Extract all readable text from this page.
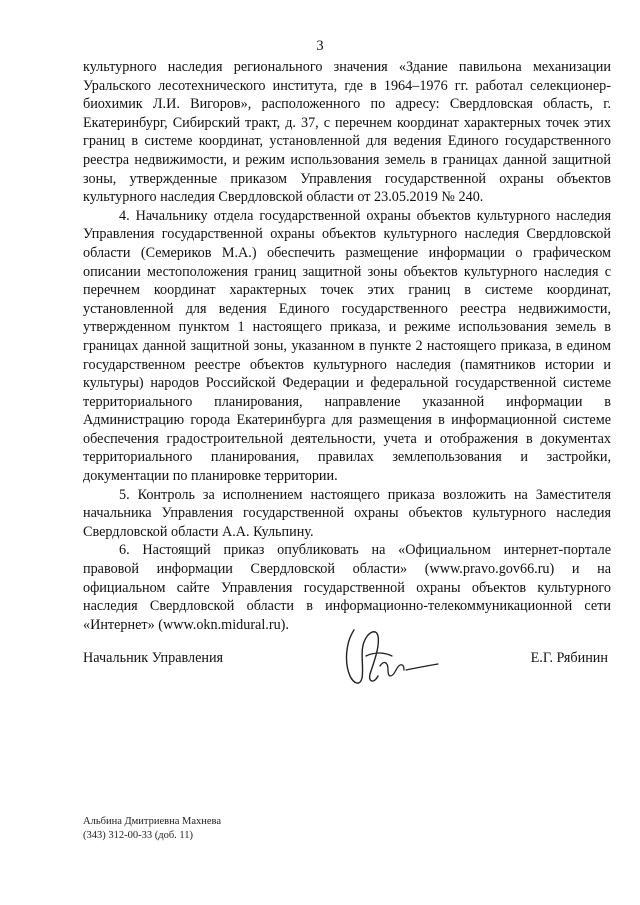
3

культурного наследия регионального значения «Здание павильона механизации Уральского лесотехнического института, где в 1964–1976 гг. работал селекционер-биохимик Л.И. Вигоров», расположенного по адресу: Свердловская область, г. Екатеринбург, Сибирский тракт, д. 37, с перечнем координат характерных точек этих границ в системе координат, установленной для ведения Единого государственного реестра недвижимости, и режим использования земель в границах данной защитной зоны, утвержденные приказом Управления государственной охраны объектов культурного наследия Свердловской области от 23.05.2019 № 240.

4. Начальнику отдела государственной охраны объектов культурного наследия Управления государственной охраны объектов культурного наследия Свердловской области (Семериков М.А.) обеспечить размещение информации о графическом описании местоположения границ защитной зоны объектов культурного наследия с перечнем координат характерных точек этих границ в системе координат, установленной для ведения Единого государственного реестра недвижимости, утвержденном пунктом 1 настоящего приказа, и режиме использования земель в границах данной защитной зоны, указанном в пункте 2 настоящего приказа, в едином государственном реестре объектов культурного наследия (памятников истории и культуры) народов Российской Федерации и федеральной государственной системе территориального планирования, направление указанной информации в Администрацию города Екатеринбурга для размещения в информационной системе обеспечения градостроительной деятельности, учета и отображения в документах территориального планирования, правилах землепользования и застройки, документации по планировке территории.

5. Контроль за исполнением настоящего приказа возложить на Заместителя начальника Управления государственной охраны объектов культурного наследия Свердловской области А.А. Кульпину.

6. Настоящий приказ опубликовать на «Официальном интернет-портале правовой информации Свердловской области» (www.pravo.gov66.ru) и на официальном сайте Управления государственной охраны объектов культурного наследия Свердловской области в информационно-телекоммуникационной сети «Интернет» (www.okn.midural.ru).

Начальник Управления	Е.Г. Рябинин
Альбина Дмитриевна Махнева
(343) 312-00-33 (доб. 11)
